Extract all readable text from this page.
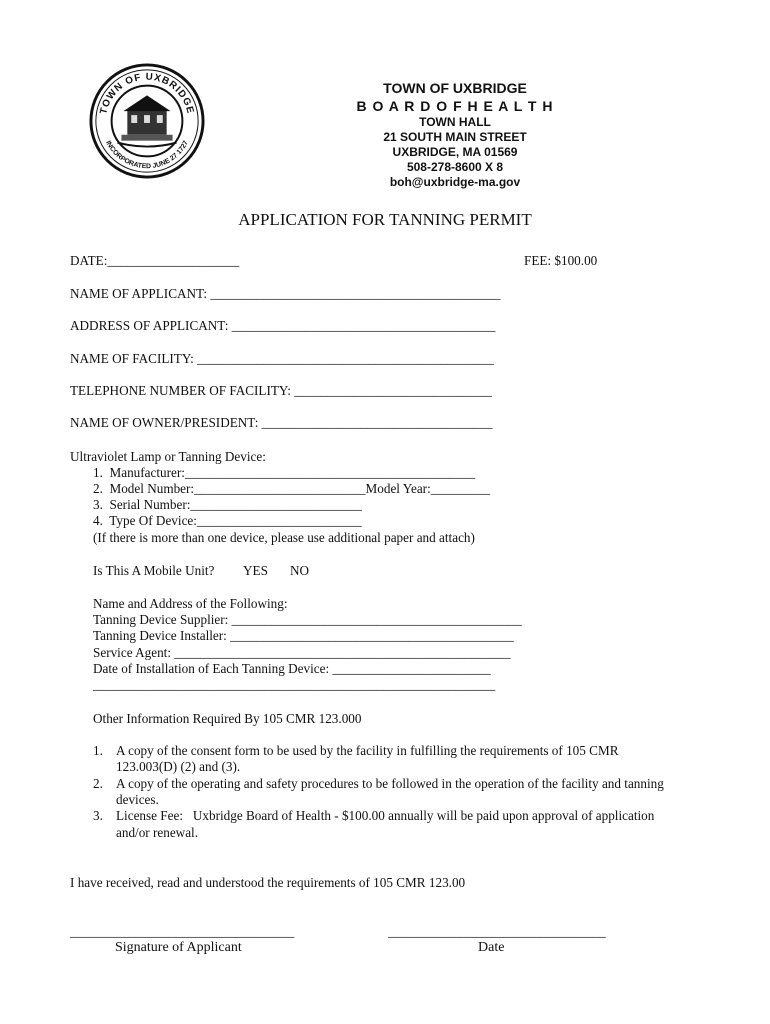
TOWN OF UXBRIDGE
INCORPORATED JUNE 27 1727
TOWN OF UXBRIDGE
B O A R D O F H E A L T H
TOWN HALL
21 SOUTH MAIN STREET
UXBRIDGE, MA 01569
508-278-8600 X 8
boh@uxbridge-ma.gov
APPLICATION FOR TANNING PERMIT
DATE:____________________	FEE: $100.00
NAME OF APPLICANT: ____________________________________________
ADDRESS OF APPLICANT: ________________________________________
NAME OF FACILITY: _____________________________________________
TELEPHONE NUMBER OF FACILITY: ______________________________
NAME OF OWNER/PRESIDENT: ___________________________________
Ultraviolet Lamp or Tanning Device:
1.  Manufacturer:____________________________________________
2.  Model Number:__________________________Model Year:_________
3.  Serial Number:__________________________
4.  Type Of Device:_________________________
(If there is more than one device, please use additional paper and attach)
Is This A Mobile Unit? YES NO
Name and Address of the Following:
Tanning Device Supplier: ____________________________________________
Tanning Device Installer: ___________________________________________
Service Agent: ___________________________________________________
Date of Installation of Each Tanning Device: ________________________
_____________________________________________________________
Other Information Required By 105 CMR 123.000
1. A copy of the consent form to be used by the facility in fulfilling the requirements of 105 CMR
123.003(D) (2) and (3).
2. A copy of the operating and safety procedures to be followed in the operation of the facility and tanning
devices.
3. License Fee:   Uxbridge Board of Health - $100.00 annually will be paid upon approval of application
and/or renewal.
I have received, read and understood the requirements of 105 CMR 123.00
__________________________________
Signature of Applicant
_________________________________
Date
